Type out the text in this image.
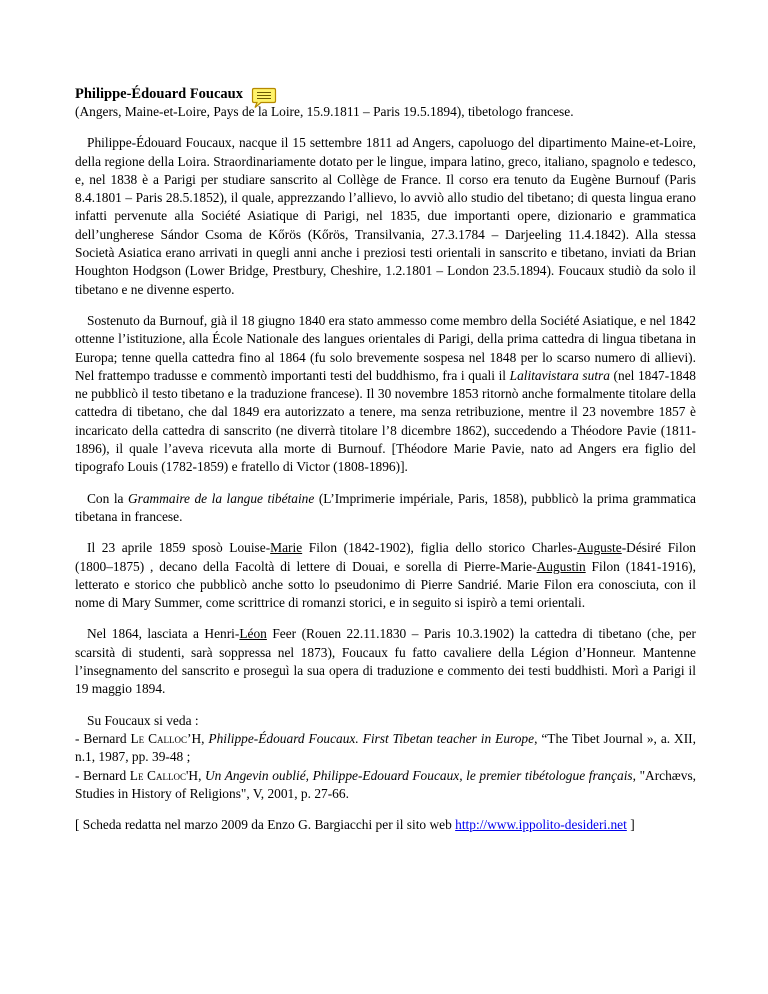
Philippe-Édouard Foucaux
(Angers, Maine-et-Loire, Pays de la Loire, 15.9.1811 – Paris 19.5.1894), tibetologo francese.

Philippe-Édouard Foucaux, nacque il 15 settembre 1811 ad Angers, capoluogo del dipartimento Maine-et-Loire, della regione della Loira. Straordinariamente dotato per le lingue, impara latino, greco, italiano, spagnolo e tedesco, e, nel 1838 è a Parigi per studiare sanscrito al Collège de France. Il corso era tenuto da Eugène Burnouf (Paris 8.4.1801 – Paris 28.5.1852), il quale, apprezzando l’allievo, lo avviò allo studio del tibetano; di questa lingua erano infatti pervenute alla Société Asiatique di Parigi, nel 1835, due importanti opere, dizionario e grammatica dell’ungherese Sándor Csoma de Kőrös (Kőrös, Transilvania, 27.3.1784 – Darjeeling 11.4.1842). Alla stessa Società Asiatica erano arrivati in quegli anni anche i preziosi testi orientali in sanscrito e tibetano, inviati da Brian Houghton Hodgson (Lower Bridge, Prestbury, Cheshire, 1.2.1801 – London 23.5.1894). Foucaux studiò da solo il tibetano e ne divenne esperto.

Sostenuto da Burnouf, già il 18 giugno 1840 era stato ammesso come membro della Société Asiatique, e nel 1842 ottenne l’istituzione, alla École Nationale des langues orientales di Parigi, della prima cattedra di lingua tibetana in Europa; tenne quella cattedra fino al 1864 (fu solo brevemente sospesa nel 1848 per lo scarso numero di allievi). Nel frattempo tradusse e commentò importanti testi del buddhismo, fra i quali il Lalitavistara sutra (nel 1847-1848 ne pubblicò il testo tibetano e la traduzione francese). Il 30 novembre 1853 ritornò anche formalmente titolare della cattedra di tibetano, che dal 1849 era autorizzato a tenere, ma senza retribuzione, mentre il 23 novembre 1857 è incaricato della cattedra di sanscrito (ne diverrà titolare l’8 dicembre 1862), succedendo a Théodore Pavie (1811-1896), il quale l’aveva ricevuta alla morte di Burnouf. [Théodore Marie Pavie, nato ad Angers era figlio del tipografo Louis (1782-1859) e fratello di Victor (1808-1896)].

Con la Grammaire de la langue tibétaine (L’Imprimerie impériale, Paris, 1858), pubblicò la prima grammatica tibetana in francese.

Il 23 aprile 1859 sposò Louise-Marie Filon (1842-1902), figlia dello storico Charles-Auguste-Désiré Filon (1800–1875) , decano della Facoltà di lettere di Douai, e sorella di Pierre-Marie-Augustin Filon (1841-1916), letterato e storico che pubblicò anche sotto lo pseudonimo di Pierre Sandrié. Marie Filon era conosciuta, con il nome di Mary Summer, come scrittrice di romanzi storici, e in seguito si ispirò a temi orientali.

Nel 1864, lasciata a Henri-Léon Feer (Rouen 22.11.1830 – Paris 10.3.1902) la cattedra di tibetano (che, per scarsità di studenti, sarà soppressa nel 1873), Foucaux fu fatto cavaliere della Légion d’Honneur. Mantenne l’insegnamento del sanscrito e proseguì la sua opera di traduzione e commento dei testi buddhisti. Morì a Parigi il 19 maggio 1894.

Su Foucaux si veda :

- Bernard Le Calloc’H, Philippe-Édouard Foucaux. First Tibetan teacher in Europe, “The Tibet Journal », a. XII, n.1, 1987, pp. 39-48 ;

- Bernard Le Calloc'H, Un Angevin oublié, Philippe-Edouard Foucaux, le premier tibétologue français, "Archævs, Studies in History of Religions", V, 2001, p. 27-66.

[ Scheda redatta nel marzo 2009 da Enzo G. Bargiacchi per il sito web http://www.ippolito-desideri.net ]
